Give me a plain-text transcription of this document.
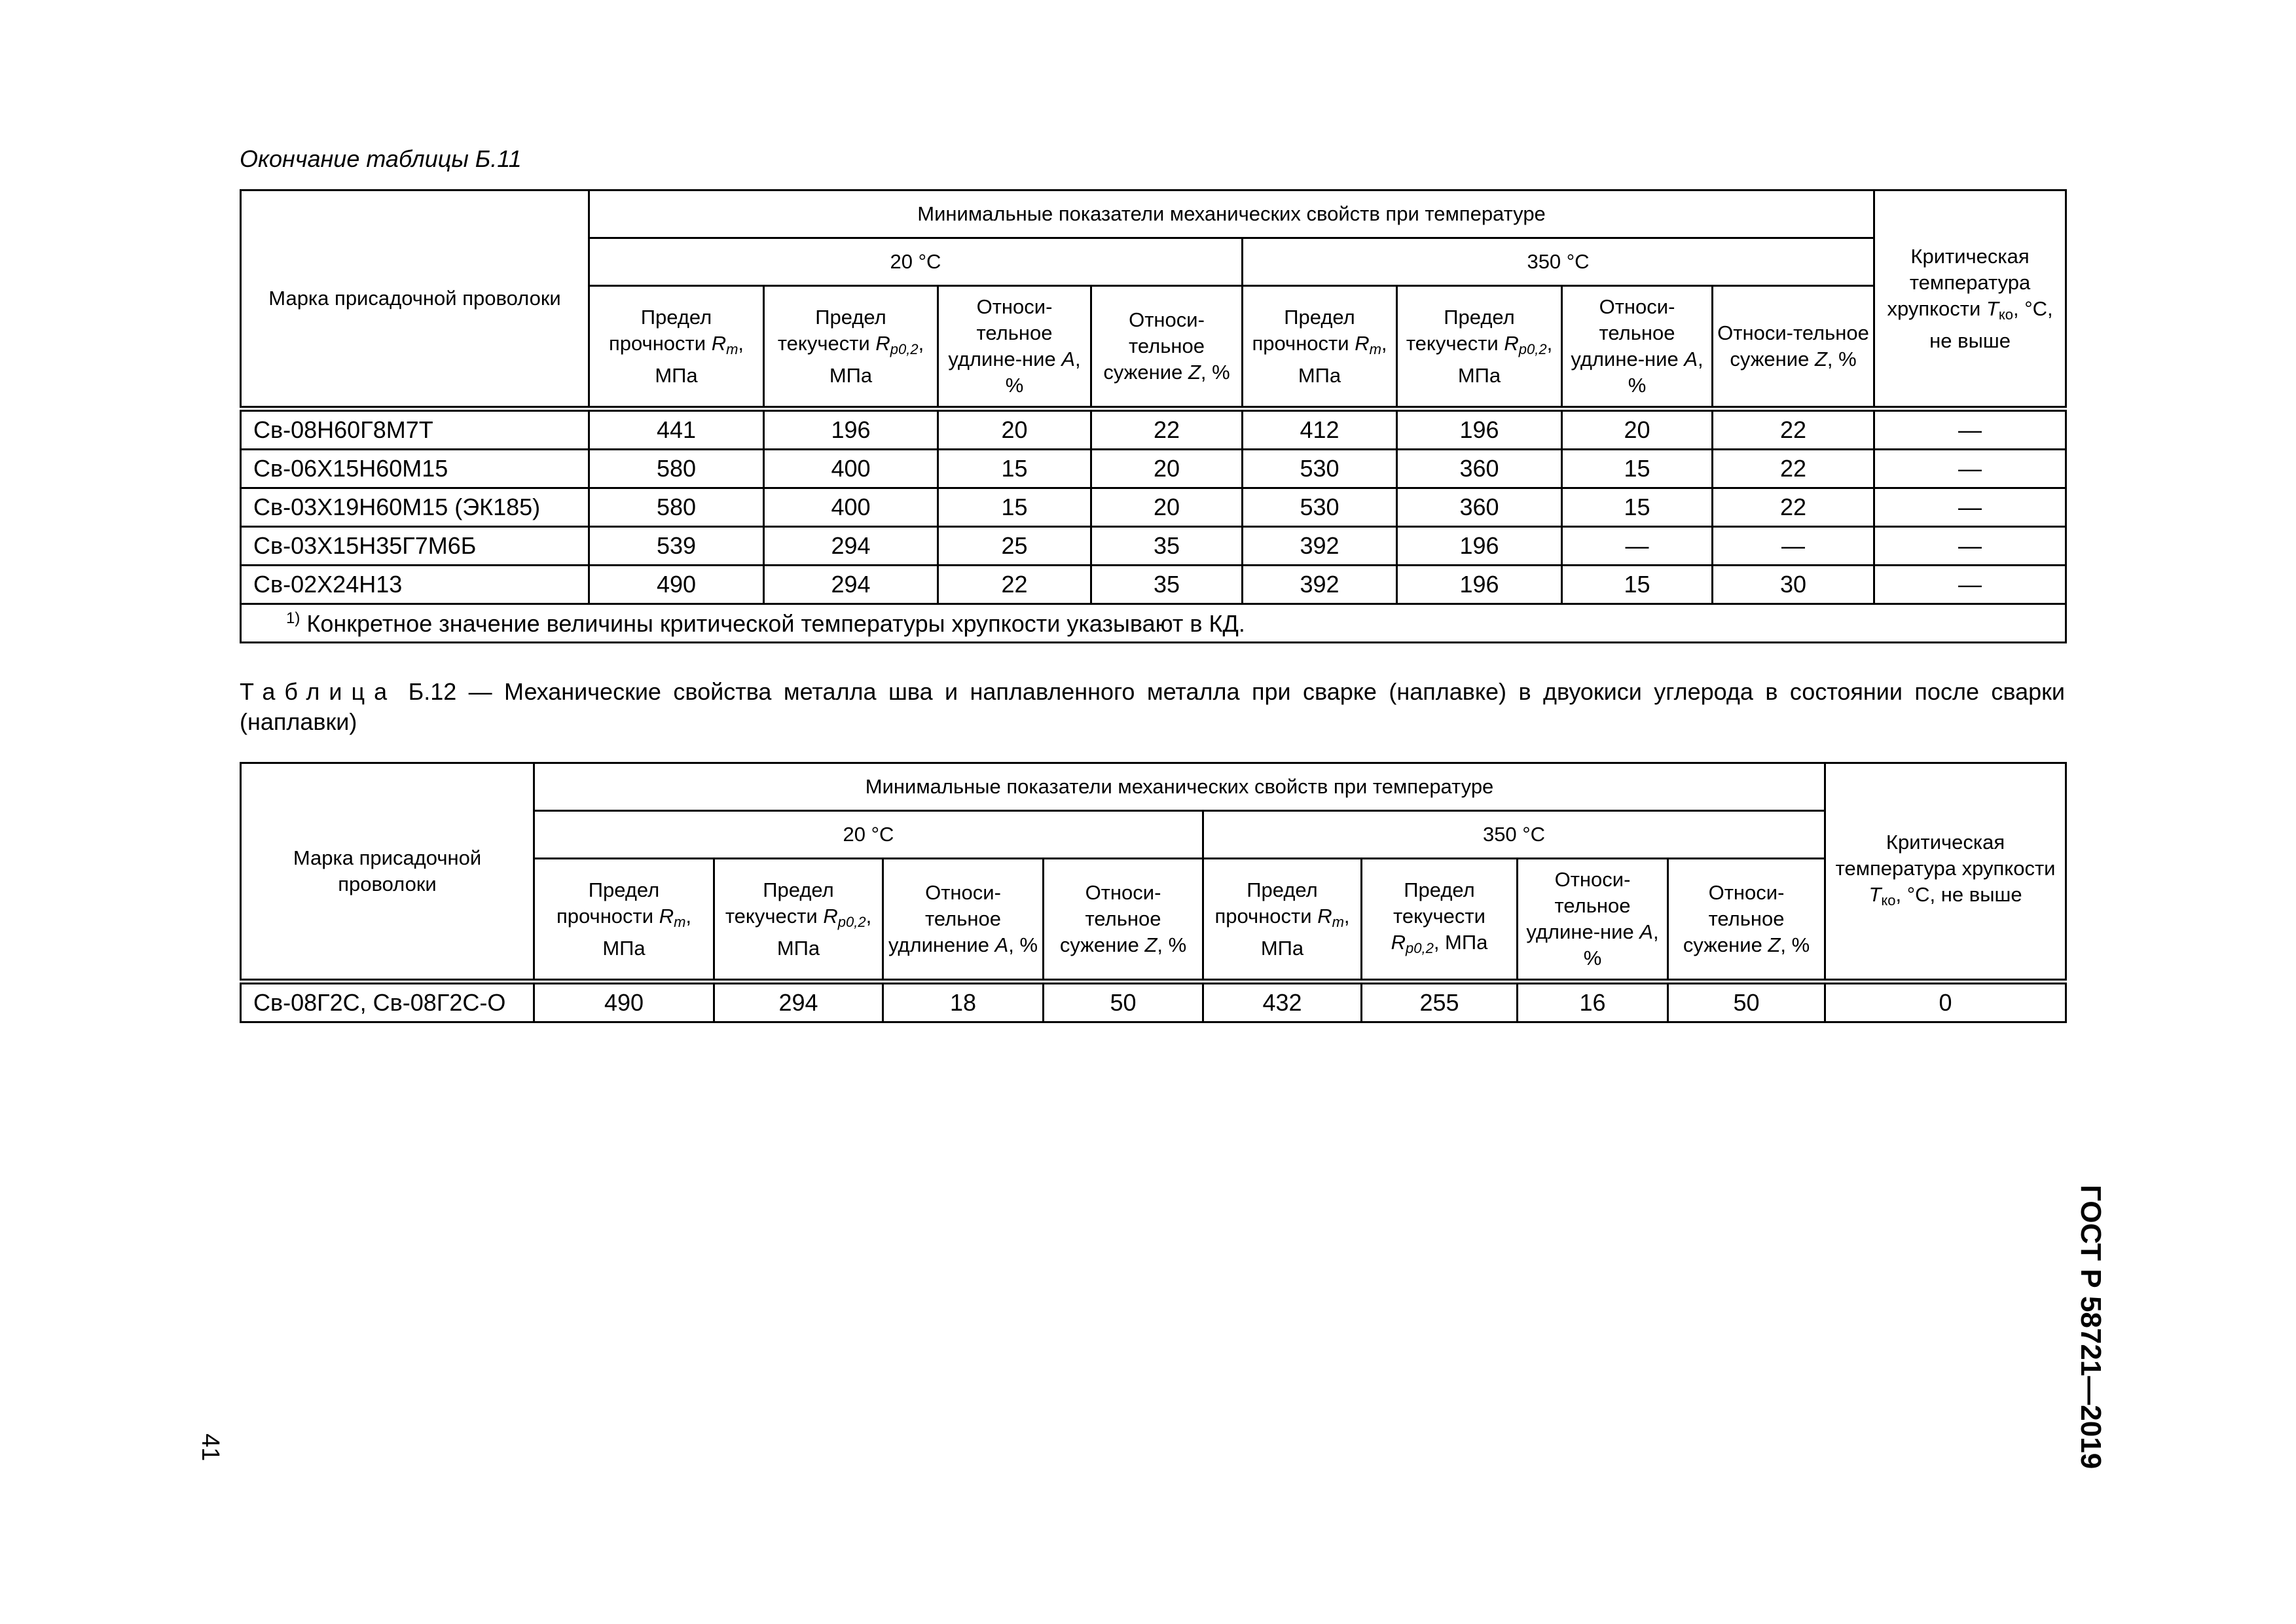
Окончание таблицы Б.11

Марка присадочной проволоки	Минимальные показатели механических свойств при температуре								Критическая температура хрупкости $T_{ко}$, °C, не выше
	20 °C				350 °C				
	Предел прочности $R_m$, МПа	Предел текучести $R_{p0,2}$, МПа	Относи-тельное удлине-ние A, %	Относи-тельное сужение Z, %	Предел прочности $R_m$, МПа	Предел текучести $R_{p0,2}$, МПа	Относи-тельное удлине-ние A, %	Относи-тельное сужение Z, %	
Св-08Н60Г8М7Т	441	196	20	22	412	196	20	22	—
Св-06Х15Н60М15	580	400	15	20	530	360	15	22	—
Св-03Х19Н60М15 (ЭК185)	580	400	15	20	530	360	15	22	—
Св-03Х15Н35Г7М6Б	539	294	25	35	392	196	—	—	—
Св-02Х24Н13	490	294	22	35	392	196	15	30	—
$^{1)}$ Конкретное значение величины критической температуры хрупкости указывают в КД.									

Таблица Б.12 — Механические свойства металла шва и наплавленного металла при сварке (наплавке) в двуокиси углерода в состоянии после сварки (наплавки)

Марка присадочной проволоки	Минимальные показатели механических свойств при температуре								Критическая температура хрупкости $T_{ко}$, °C, не выше
	20 °C				350 °C				
	Предел прочности $R_m$, МПа	Предел текучести $R_{p0,2}$, МПа	Относи-тельное удлинение A, %	Относи-тельное сужение Z, %	Предел прочности $R_m$, МПа	Предел текучести $R_{p0,2}$, МПа	Относи-тельное удлине-ние A, %	Относи-тельное сужение Z, %	
Св-08Г2С, Св-08Г2С-О	490	294	18	50	432	255	16	50	0
ГОСТ Р 58721—2019
41
